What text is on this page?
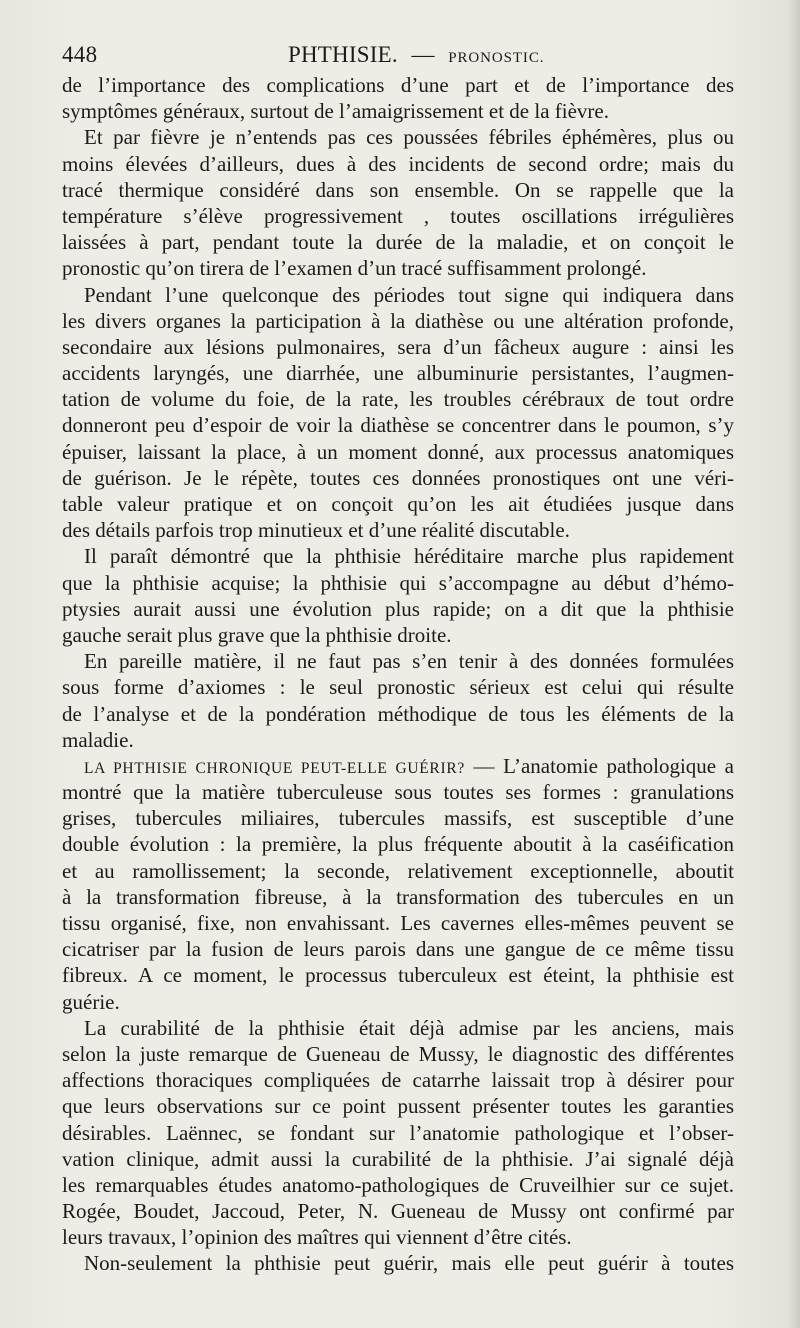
448	PHTHISIE. — PRONOSTIC.
de l’importance des complications d’une part et de l’importance des
symptômes généraux, surtout de l’amaigrissement et de la fièvre.
Et par fièvre je n’entends pas ces poussées fébriles éphémères, plus ou
moins élevées d’ailleurs, dues à des incidents de second ordre; mais du
tracé thermique considéré dans son ensemble. On se rappelle que la
température s’élève progressivement , toutes oscillations irrégulières
laissées à part, pendant toute la durée de la maladie, et on conçoit le
pronostic qu’on tirera de l’examen d’un tracé suffisamment prolongé.
Pendant l’une quelconque des périodes tout signe qui indiquera dans
les divers organes la participation à la diathèse ou une altération profonde,
secondaire aux lésions pulmonaires, sera d’un fâcheux augure : ainsi les
accidents laryngés, une diarrhée, une albuminurie persistantes, l’augmen-
tation de volume du foie, de la rate, les troubles cérébraux de tout ordre
donneront peu d’espoir de voir la diathèse se concentrer dans le poumon, s’y
épuiser, laissant la place, à un moment donné, aux processus anatomiques
de guérison. Je le répète, toutes ces données pronostiques ont une véri-
table valeur pratique et on conçoit qu’on les ait étudiées jusque dans
des détails parfois trop minutieux et d’une réalité discutable.
Il paraît démontré que la phthisie héréditaire marche plus rapidement
que la phthisie acquise; la phthisie qui s’accompagne au début d’hémo-
ptysies aurait aussi une évolution plus rapide; on a dit que la phthisie
gauche serait plus grave que la phthisie droite.
En pareille matière, il ne faut pas s’en tenir à des données formulées
sous forme d’axiomes : le seul pronostic sérieux est celui qui résulte
de l’analyse et de la pondération méthodique de tous les éléments de la
maladie.
LA PHTHISIE CHRONIQUE PEUT-ELLE GUÉRIR? — L’anatomie pathologique a
montré que la matière tuberculeuse sous toutes ses formes : granulations
grises, tubercules miliaires, tubercules massifs, est susceptible d’une
double évolution : la première, la plus fréquente aboutit à la caséification
et au ramollissement; la seconde, relativement exceptionnelle, aboutit
à la transformation fibreuse, à la transformation des tubercules en un
tissu organisé, fixe, non envahissant. Les cavernes elles-mêmes peuvent se
cicatriser par la fusion de leurs parois dans une gangue de ce même tissu
fibreux. A ce moment, le processus tuberculeux est éteint, la phthisie est
guérie.
La curabilité de la phthisie était déjà admise par les anciens, mais
selon la juste remarque de Gueneau de Mussy, le diagnostic des différentes
affections thoraciques compliquées de catarrhe laissait trop à désirer pour
que leurs observations sur ce point pussent présenter toutes les garanties
désirables. Laënnec, se fondant sur l’anatomie pathologique et l’obser-
vation clinique, admit aussi la curabilité de la phthisie. J’ai signalé déjà
les remarquables études anatomo-pathologiques de Cruveilhier sur ce sujet.
Rogée, Boudet, Jaccoud, Peter, N. Gueneau de Mussy ont confirmé par
leurs travaux, l’opinion des maîtres qui viennent d’être cités.
Non-seulement la phthisie peut guérir, mais elle peut guérir à toutes
